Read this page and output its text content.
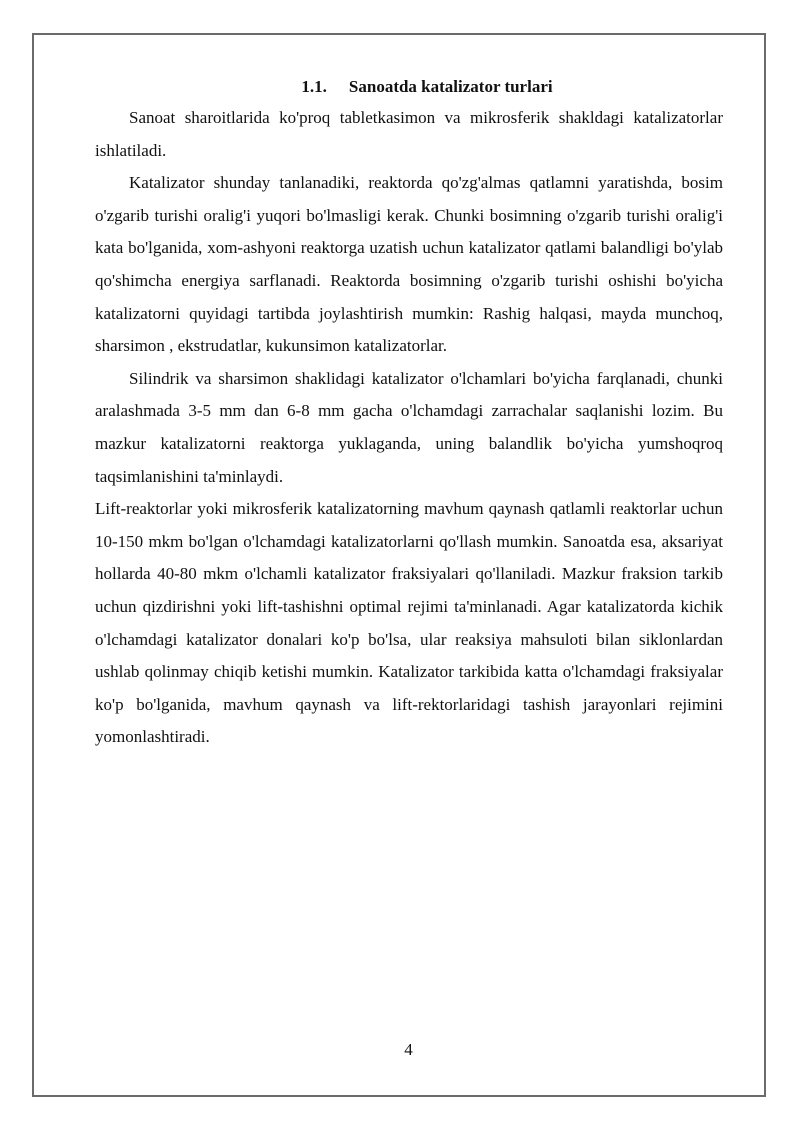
1.1. Sanoatda katalizator turlari

Sanoat sharoitlarida ko'proq tabletkasimon va mikrosferik shakldagi katalizatorlar ishlatiladi.

Katalizator shunday tanlanadiki, reaktorda qo'zg'almas qatlamni yaratishda, bosim o'zgarib turishi oralig'i yuqori bo'lmasligi kerak. Chunki bosimning o'zgarib turishi oralig'i kata bo'lganida, xom-ashyoni reaktorga uzatish uchun katalizator qatlami balandligi bo'ylab qo'shimcha energiya sarflanadi. Reaktorda bosimning o'zgarib turishi oshishi bo'yicha katalizatorni quyidagi tartibda joylashtirish mumkin: Rashig halqasi, mayda munchoq, sharsimon , ekstrudatlar, kukunsimon katalizatorlar.

Silindrik va sharsimon shaklidagi katalizator o'lchamlari bo'yicha farqlanadi, chunki aralashmada 3-5 mm dan 6-8 mm gacha o'lchamdagi zarrachalar saqlanishi lozim. Bu mazkur katalizatorni reaktorga yuklaganda, uning balandlik bo'yicha yumshoqroq taqsimlanishini ta'minlaydi.

Lift-reaktorlar yoki mikrosferik katalizatorning mavhum qaynash qatlamli reaktorlar uchun 10-150 mkm bo'lgan o'lchamdagi katalizatorlarni qo'llash mumkin. Sanoatda esa, aksariyat hollarda 40-80 mkm o'lchamli katalizator fraksiyalari qo'llaniladi. Mazkur fraksion tarkib uchun qizdirishni yoki lift-tashishni optimal rejimi ta'minlanadi. Agar katalizatorda kichik o'lchamdagi katalizator donalari ko'p bo'lsa, ular reaksiya mahsuloti bilan siklonlardan ushlab qolinmay chiqib ketishi mumkin. Katalizator tarkibida katta o'lchamdagi fraksiyalar ko'p bo'lganida, mavhum qaynash va lift-rektorlaridagi tashish jarayonlari rejimini yomonlashtiradi.

4
